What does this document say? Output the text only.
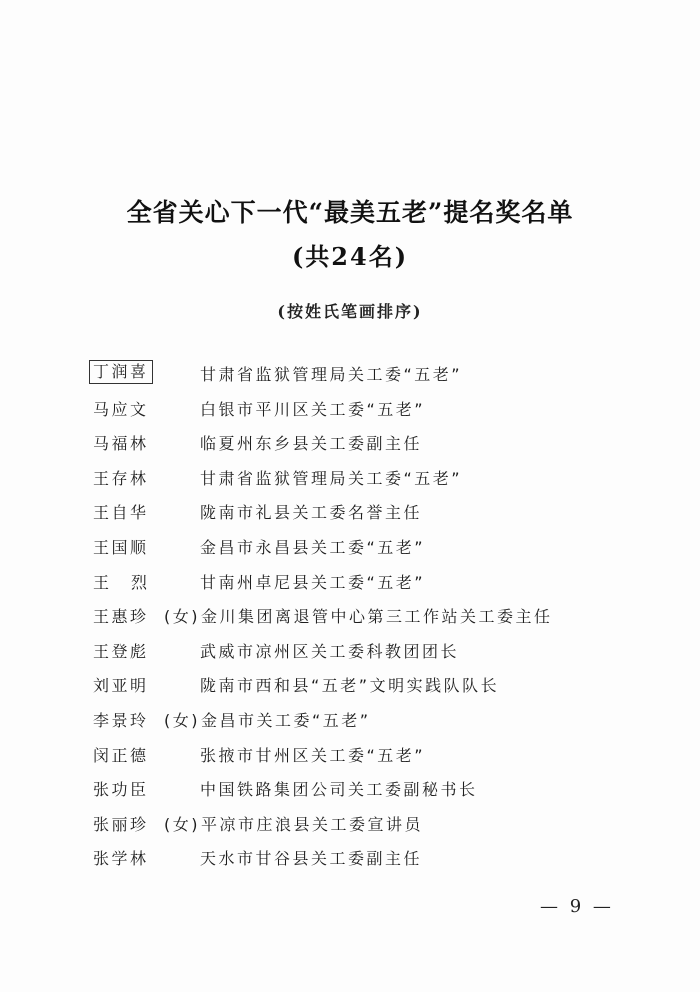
全省关心下一代“最美五老”提名奖名单
(共24名)
(按姓氏笔画排序)
丁润喜	甘肃省监狱管理局关工委“五老”
马应文	白银市平川区关工委“五老”
马福林	临夏州东乡县关工委副主任
王存林	甘肃省监狱管理局关工委“五老”
王自华	陇南市礼县关工委名誉主任
王国顺	金昌市永昌县关工委“五老”
王烈 甘南州卓尼县关工委“五老”
王惠珍 (女) 金川集团离退管中心第三工作站关工委主任
王登彪	武威市凉州区关工委科教团团长
刘亚明	陇南市西和县“五老”文明实践队队长
李景玲 (女) 金昌市关工委“五老”
闵正德	张掖市甘州区关工委“五老”
张功臣	中国铁路集团公司关工委副秘书长
张丽珍 (女) 平凉市庄浪县关工委宣讲员
张学林	天水市甘谷县关工委副主任
— 9 —
